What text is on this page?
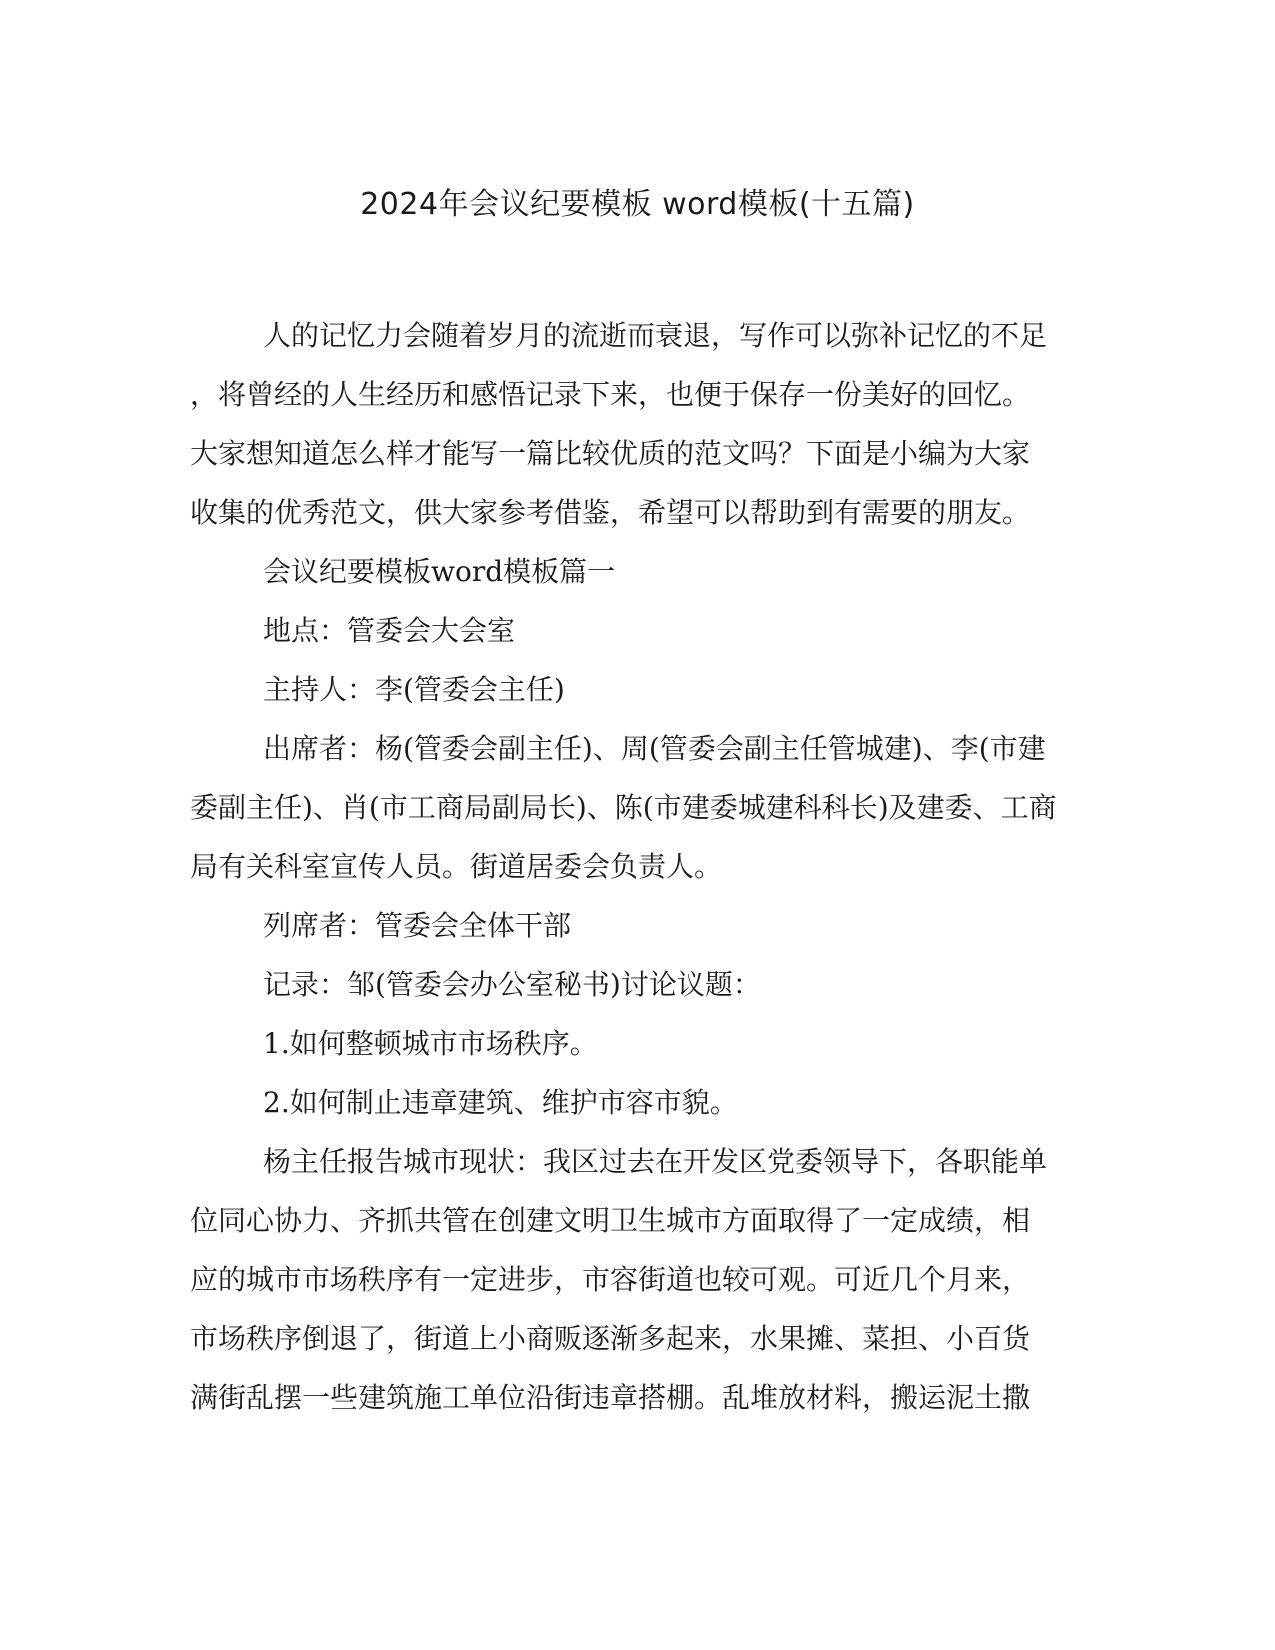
2024年会议纪要模板 word模板(十五篇)
人的记忆力会随着岁月的流逝而衰退，写作可以弥补记忆的不足
，将曾经的人生经历和感悟记录下来，也便于保存一份美好的回忆。
大家想知道怎么样才能写一篇比较优质的范文吗？下面是小编为大家
收集的优秀范文，供大家参考借鉴，希望可以帮助到有需要的朋友。
会议纪要模板word模板篇一
地点：管委会大会室
主持人：李(管委会主任)
出席者：杨(管委会副主任)、周(管委会副主任管城建)、李(市建
委副主任)、肖(市工商局副局长)、陈(市建委城建科科长)及建委、工商
局有关科室宣传人员。街道居委会负责人。
列席者：管委会全体干部
记录：邹(管委会办公室秘书)讨论议题：
1.如何整顿城市市场秩序。
2.如何制止违章建筑、维护市容市貌。
杨主任报告城市现状：我区过去在开发区党委领导下，各职能单
位同心协力、齐抓共管在创建文明卫生城市方面取得了一定成绩，相
应的城市市场秩序有一定进步，市容街道也较可观。可近几个月来，
市场秩序倒退了，街道上小商贩逐渐多起来，水果摊、菜担、小百货
满街乱摆一些建筑施工单位沿街违章搭棚。乱堆放材料，搬运泥土撒
